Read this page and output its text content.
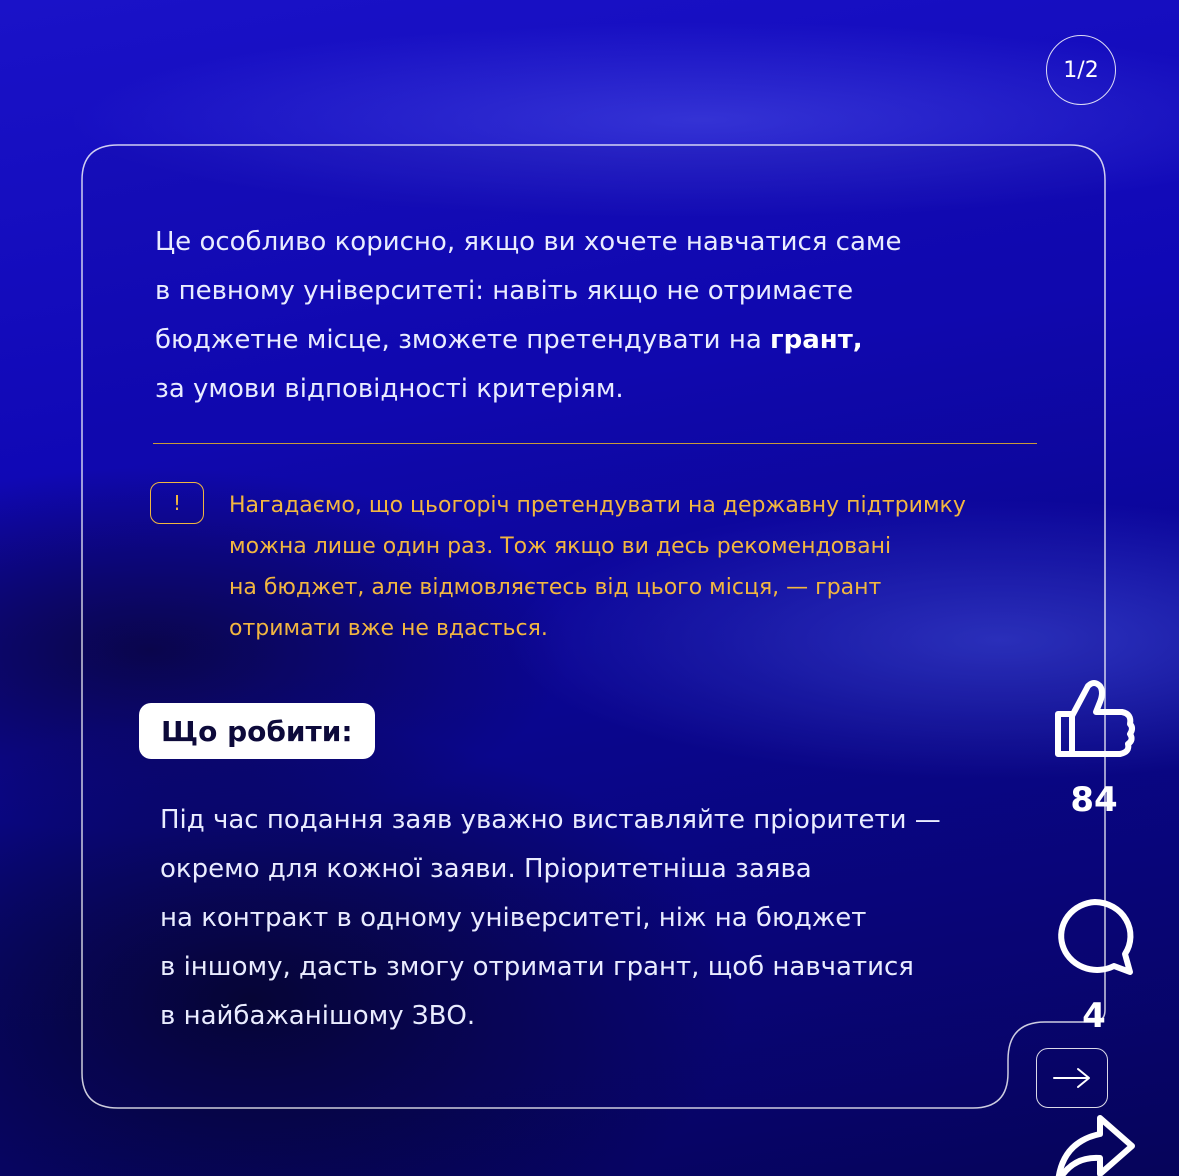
1/2
Це особливо корисно, якщо ви хочете навчатися саме
в певному університеті: навіть якщо не отримаєте
бюджетне місце, зможете претендувати на грант,
за умови відповідності критеріям.
!	Нагадаємо, що цьогоріч претендувати на державну підтримку
можна лише один раз. Тож якщо ви десь рекомендовані
на бюджет, але відмовляєтесь від цього місця, — грант
отримати вже не вдасться.
Що робити:
Під час подання заяв уважно виставляйте пріоритети —
окремо для кожної заяви. Пріоритетніша заява
на контракт в одному університеті, ніж на бюджет
в іншому, дасть змогу отримати грант, щоб навчатися
в найбажанішому ЗВО.
84
4
